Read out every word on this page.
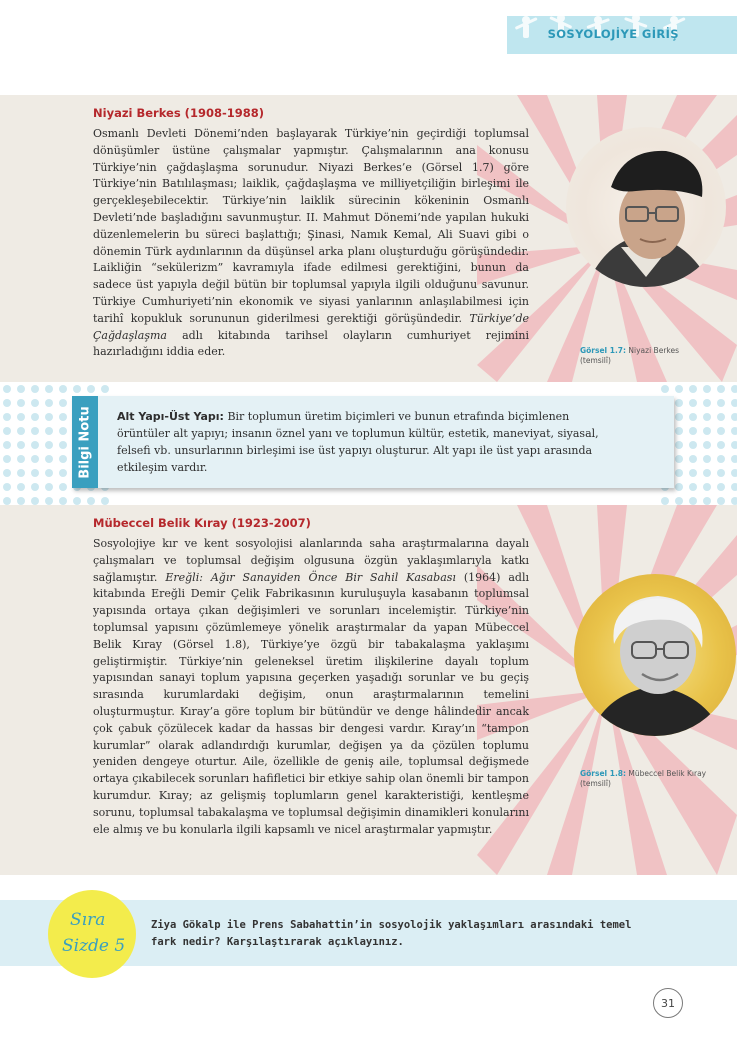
SOSYOLOJİYE GİRİŞ
Niyazi Berkes (1908-1988)
Osmanlı Devleti Dönemi’nden başlayarak Türkiye’nin geçirdiği toplumsal dönüşümler üstüne çalışmalar yapmıştır. Çalışmalarının ana konusu Türkiye’nin çağdaşlaşma sorunudur. Niyazi Berkes’e (Görsel 1.7) göre Türkiye’nin Batılılaşması; laiklik, çağdaşlaşma ve milliyetçiliğin birleşimi ile gerçekleşebilecektir. Türkiye’nin laiklik sürecinin kökeninin Osmanlı Devleti’nde başladığını savunmuştur. II. Mahmut Dönemi’nde yapılan hukuki düzenlemelerin bu süreci başlattığı; Şinasi, Namık Kemal, Ali Suavi gibi o dönemin Türk aydınlarının da düşünsel arka planı oluşturduğu görüşündedir. Laikliğin “sekülerizm” kavramıyla ifade edilmesi gerektiğini, bunun da sadece üst yapıyla değil bütün bir toplumsal yapıyla ilgili olduğunu savunur. Türkiye Cumhuriyeti’nin ekonomik ve siyasi yanlarının anlaşılabilmesi için tarihî kopukluk sorununun giderilmesi gerektiği görüşündedir. Türkiye’de Çağdaşlaşma adlı kitabında tarihsel olayların cumhuriyet rejimini hazırladığını iddia eder.	Görsel 1.7: Niyazi Berkes (temsilî)
Bilgi Notu Alt Yapı-Üst Yapı: Bir toplumun üretim biçimleri ve bunun etrafında biçimlenen örüntüler alt yapıyı; insanın öznel yanı ve toplumun kültür, estetik, maneviyat, siyasal, felsefi vb. unsurlarının birleşimi ise üst yapıyı oluşturur. Alt yapı ile üst yapı arasında etkileşim vardır.
Mübeccel Belik Kıray (1923-2007)
Sosyolojiye kır ve kent sosyolojisi alanlarında saha araştırmalarına dayalı çalışmaları ve toplumsal değişim olgusuna özgün yaklaşımlarıyla katkı sağlamıştır. Ereğli: Ağır Sanayiden Önce Bir Sahil Kasabası (1964) adlı kitabında Ereğli Demir Çelik Fabrikasının kuruluşuyla kasabanın toplumsal yapısında ortaya çıkan değişimleri ve sorunları incelemiştir. Türkiye’nin toplumsal yapısını çözümlemeye yönelik araştırmalar da yapan Mübeccel Belik Kıray (Görsel 1.8), Türkiye’ye özgü bir tabakalaşma yaklaşımı geliştirmiştir. Türkiye’nin geleneksel üretim ilişkilerine dayalı toplum yapısından sanayi toplum yapısına geçerken yaşadığı sorunlar ve bu geçiş sırasında kurumlardaki değişim, onun araştırmalarının temelini oluşturmuştur. Kıray’a göre toplum bir bütündür ve denge hâlindedir ancak çok çabuk çözülecek kadar da hassas bir dengesi vardır. Kıray’ın “tampon kurumlar” olarak adlandırdığı kurumlar, değişen ya da çözülen toplumu yeniden dengeye oturtur. Aile, özellikle de geniş aile, toplumsal değişmede ortaya çıkabilecek sorunları hafifletici bir etkiye sahip olan önemli bir tampon kurumdur. Kıray; az gelişmiş toplumların genel karakteristiği, kentleşme sorunu, toplumsal tabakalaşma ve toplumsal değişimin dinamikleri konularını ele almış ve bu konularla ilgili kapsamlı ve nicel araştırmalar yapmıştır.
Görsel 1.8: Mübeccel Belik Kıray (temsilî)
Sıra
Sizde 5
Ziya Gökalp ile Prens Sabahattin’in sosyolojik yaklaşımları arasındaki temel fark nedir? Karşılaştırarak açıklayınız.
31
